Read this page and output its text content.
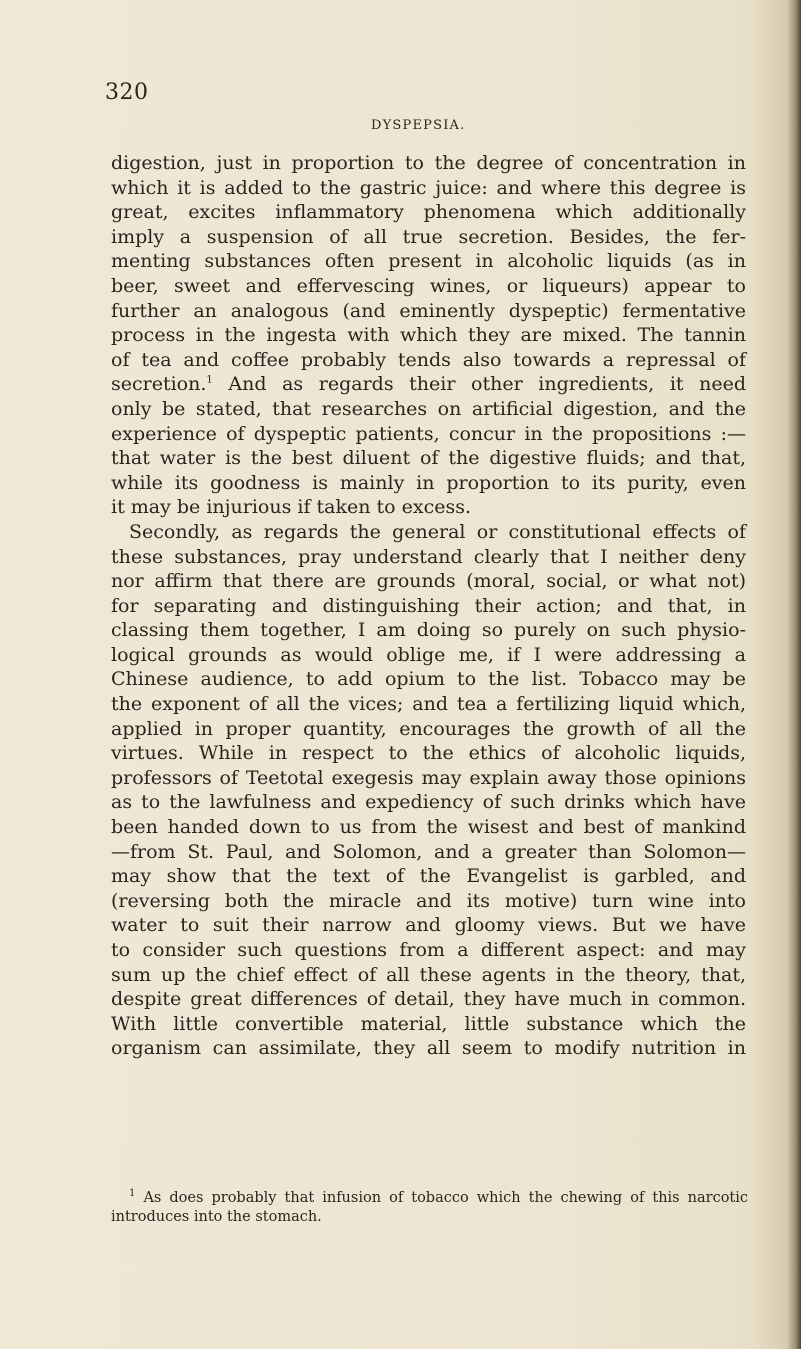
320
DYSPEPSIA.
digestion, just in proportion to the degree of concentration in
which it is added to the gastric juice: and where this degree is
great, excites inflammatory phenomena which additionally
imply a suspension of all true secretion. Besides, the fer-
menting substances often present in alcoholic liquids (as in
beer, sweet and effervescing wines, or liqueurs) appear to
further an analogous (and eminently dyspeptic) fermentative
process in the ingesta with which they are mixed. The tannin
of tea and coffee probably tends also towards a repressal of
secretion.$^1$ And as regards their other ingredients, it need
only be stated, that researches on artificial digestion, and the
experience of dyspeptic patients, concur in the propositions :—
that water is the best diluent of the digestive fluids; and that,
while its goodness is mainly in proportion to its purity, even
it may be injurious if taken to excess.
Secondly, as regards the general or constitutional effects of
these substances, pray understand clearly that I neither deny
nor affirm that there are grounds (moral, social, or what not)
for separating and distinguishing their action; and that, in
classing them together, I am doing so purely on such physio-
logical grounds as would oblige me, if I were addressing a
Chinese audience, to add opium to the list. Tobacco may be
the exponent of all the vices; and tea a fertilizing liquid which,
applied in proper quantity, encourages the growth of all the
virtues. While in respect to the ethics of alcoholic liquids,
professors of Teetotal exegesis may explain away those opinions
as to the lawfulness and expediency of such drinks which have
been handed down to us from the wisest and best of mankind
—from St. Paul, and Solomon, and a greater than Solomon—
may show that the text of the Evangelist is garbled, and
(reversing both the miracle and its motive) turn wine into
water to suit their narrow and gloomy views. But we have
to consider such questions from a different aspect: and may
sum up the chief effect of all these agents in the theory, that,
despite great differences of detail, they have much in common.
With little convertible material, little substance which the
organism can assimilate, they all seem to modify nutrition in
$^1$ As does probably that infusion of tobacco which the chewing of this narcotic
introduces into the stomach.
